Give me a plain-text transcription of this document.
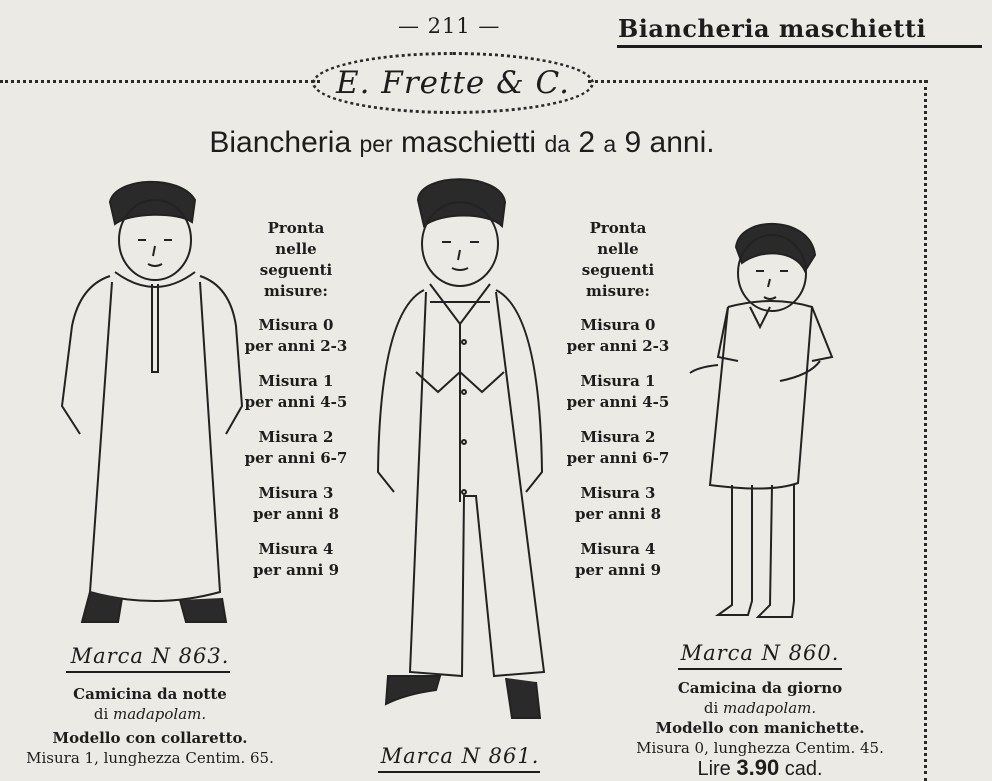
— 211 —	Biancheria maschietti
E. Frette & C.
Biancheria per maschietti da 2 a 9 anni.
Pronta
nelle
seguenti
misure:
Misura 0
per anni 2-3
Misura 1
per anni 4-5
Misura 2
per anni 6-7
Misura 3
per anni 8
Misura 4
per anni 9
Pronta
nelle
seguenti
misure:
Misura 0
per anni 2-3
Misura 1
per anni 4-5
Misura 2
per anni 6-7
Misura 3
per anni 8
Misura 4
per anni 9
Marca N 863.
Camicina da notte
di madapolam.
Modello con collaretto.
Misura 1, lunghezza Centim. 65.	Marca N 861.
Marca N 860.
Camicina da giorno
di madapolam.
Modello con manichette.
Misura 0, lunghezza Centim. 45.
Lire 3.90 cad.
